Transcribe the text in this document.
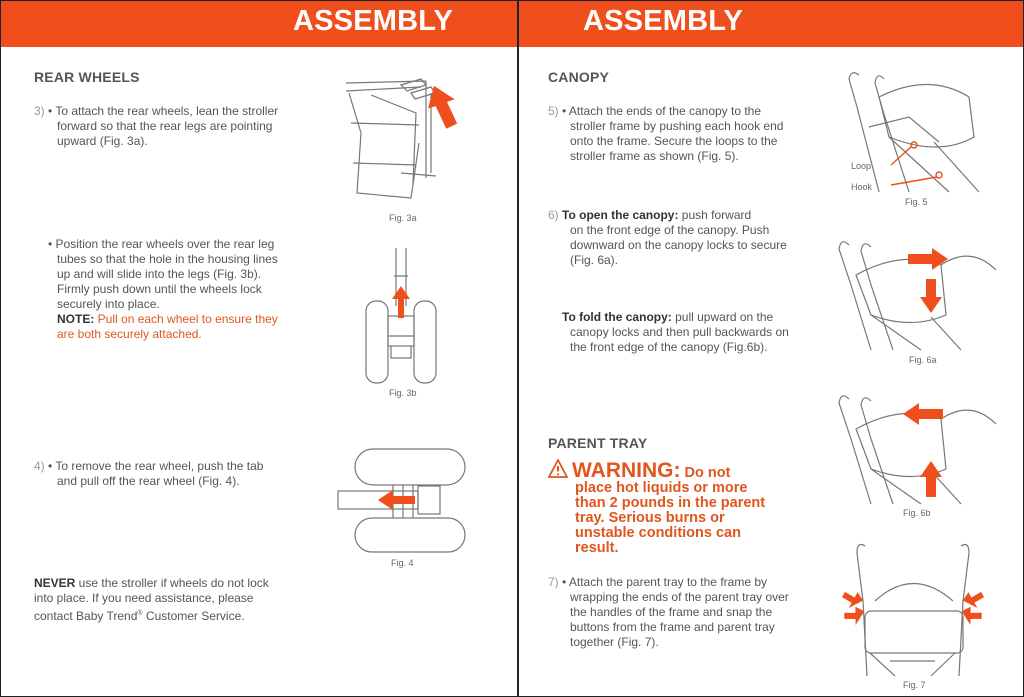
ASSEMBLY
REAR WHEELS
3) • To attach the rear wheels, lean the stroller
forward so that the rear legs are pointing
upward (Fig. 3a).
Fig. 3a
• Position the rear wheels over the rear leg
tubes so that the hole in the housing lines
up and will slide into the legs (Fig. 3b).
Firmly push down until the wheels lock
securely into place.
NOTE: Pull on each wheel to ensure they
are both securely attached.
Fig. 3b
4) • To remove the rear wheel, push the tab
and pull off the rear wheel (Fig. 4).
Fig. 4
NEVER use the stroller if wheels do not lock
into place. If you need assistance, please
contact Baby Trend® Customer Service.
ASSEMBLY
CANOPY
5) • Attach the ends of the canopy to the
stroller frame by pushing each hook end
onto the frame. Secure the loops to the
stroller frame as shown (Fig. 5).
Loop
Hook
Fig. 5
6) To open the canopy: push forward
on the front edge of the canopy. Push
downward on the canopy locks to secure
(Fig. 6a).
Fig. 6a
To fold the canopy: pull upward on the
canopy locks and then pull backwards on
the front edge of the canopy (Fig.6b).
Fig. 6b
PARENT TRAY
WARNING: Do not
place hot liquids or more
than 2 pounds in the parent
tray. Serious burns or
unstable conditions can
result.
7) • Attach the parent tray to the frame by
wrapping the ends of the parent tray over
the handles of the frame and snap the
buttons from the frame and parent tray
together (Fig. 7).
Fig. 7
